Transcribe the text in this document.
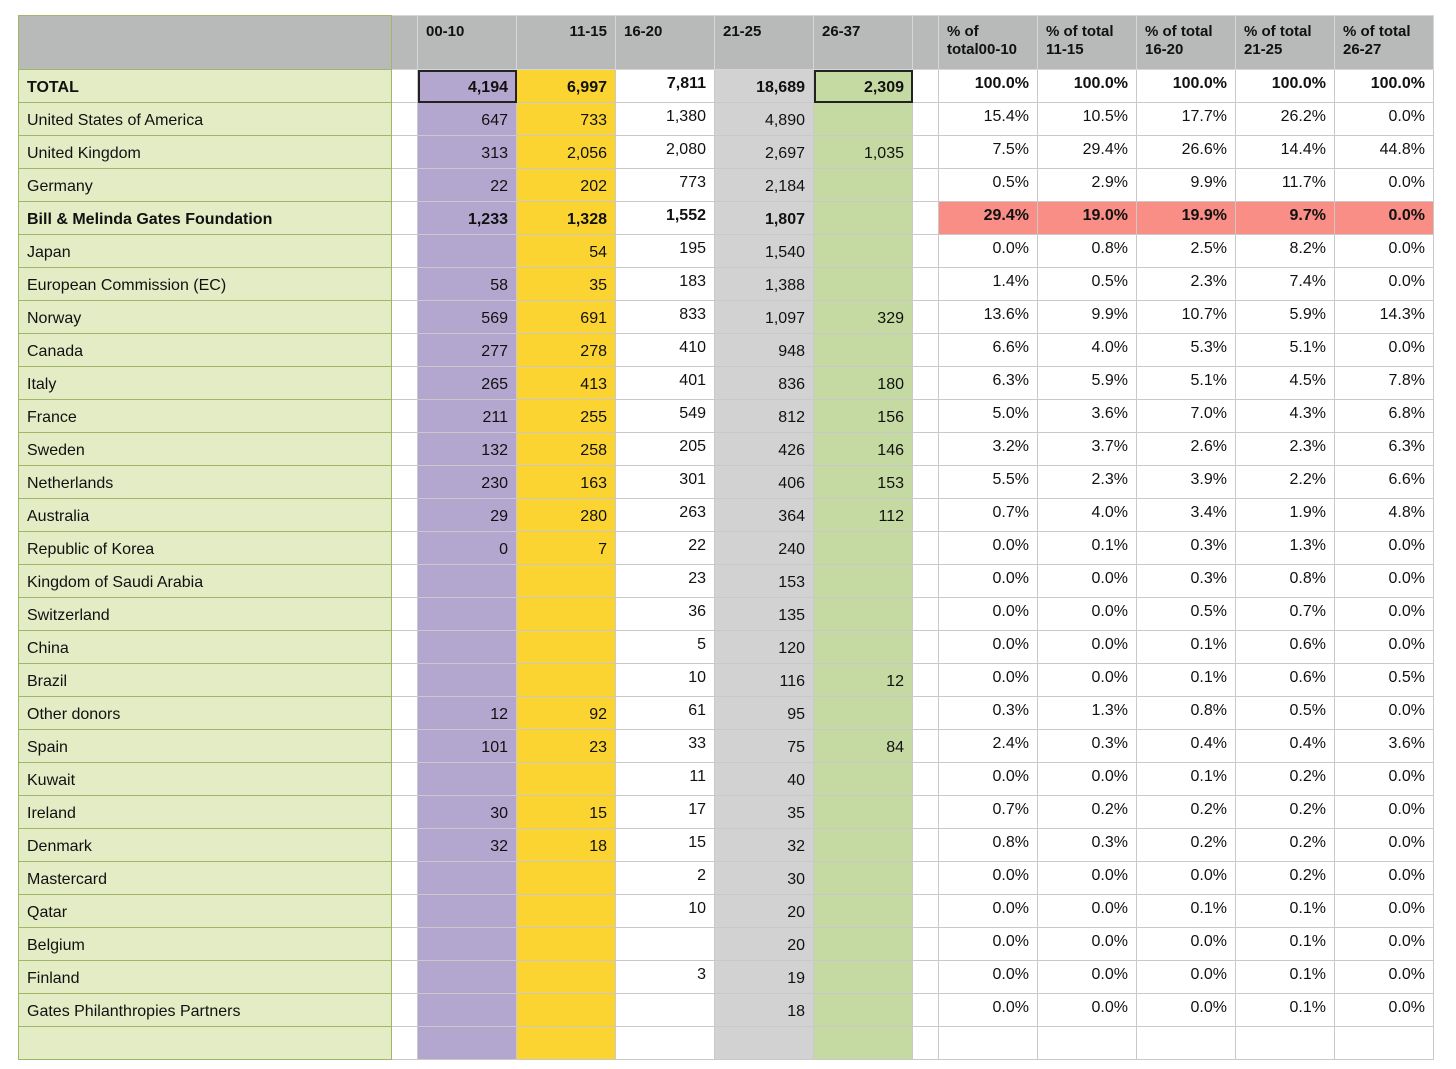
		00-10	11-15	16-20	21-25	26-37		% of total00-10	% of total 11-15	% of total 16-20	% of total 21-25	% of total 26-27
TOTAL		4,194	6,997	7,811	18,689	2,309		100.0%	100.0%	100.0%	100.0%	100.0%
United States of America		647	733	1,380	4,890			15.4%	10.5%	17.7%	26.2%	0.0%
United Kingdom		313	2,056	2,080	2,697	1,035		7.5%	29.4%	26.6%	14.4%	44.8%
Germany		22	202	773	2,184			0.5%	2.9%	9.9%	11.7%	0.0%
Bill & Melinda Gates Foundation		1,233	1,328	1,552	1,807			29.4%	19.0%	19.9%	9.7%	0.0%
Japan			54	195	1,540			0.0%	0.8%	2.5%	8.2%	0.0%
European Commission (EC)		58	35	183	1,388			1.4%	0.5%	2.3%	7.4%	0.0%
Norway		569	691	833	1,097	329		13.6%	9.9%	10.7%	5.9%	14.3%
Canada		277	278	410	948			6.6%	4.0%	5.3%	5.1%	0.0%
Italy		265	413	401	836	180		6.3%	5.9%	5.1%	4.5%	7.8%
France		211	255	549	812	156		5.0%	3.6%	7.0%	4.3%	6.8%
Sweden		132	258	205	426	146		3.2%	3.7%	2.6%	2.3%	6.3%
Netherlands		230	163	301	406	153		5.5%	2.3%	3.9%	2.2%	6.6%
Australia		29	280	263	364	112		0.7%	4.0%	3.4%	1.9%	4.8%
Republic of Korea		0	7	22	240			0.0%	0.1%	0.3%	1.3%	0.0%
Kingdom of Saudi Arabia				23	153			0.0%	0.0%	0.3%	0.8%	0.0%
Switzerland				36	135			0.0%	0.0%	0.5%	0.7%	0.0%
China				5	120			0.0%	0.0%	0.1%	0.6%	0.0%
Brazil				10	116	12		0.0%	0.0%	0.1%	0.6%	0.5%
Other donors		12	92	61	95			0.3%	1.3%	0.8%	0.5%	0.0%
Spain		101	23	33	75	84		2.4%	0.3%	0.4%	0.4%	3.6%
Kuwait				11	40			0.0%	0.0%	0.1%	0.2%	0.0%
Ireland		30	15	17	35			0.7%	0.2%	0.2%	0.2%	0.0%
Denmark		32	18	15	32			0.8%	0.3%	0.2%	0.2%	0.0%
Mastercard				2	30			0.0%	0.0%	0.0%	0.2%	0.0%
Qatar				10	20			0.0%	0.0%	0.1%	0.1%	0.0%
Belgium					20			0.0%	0.0%	0.0%	0.1%	0.0%
Finland				3	19			0.0%	0.0%	0.0%	0.1%	0.0%
Gates Philanthropies Partners					18			0.0%	0.0%	0.0%	0.1%	0.0%
